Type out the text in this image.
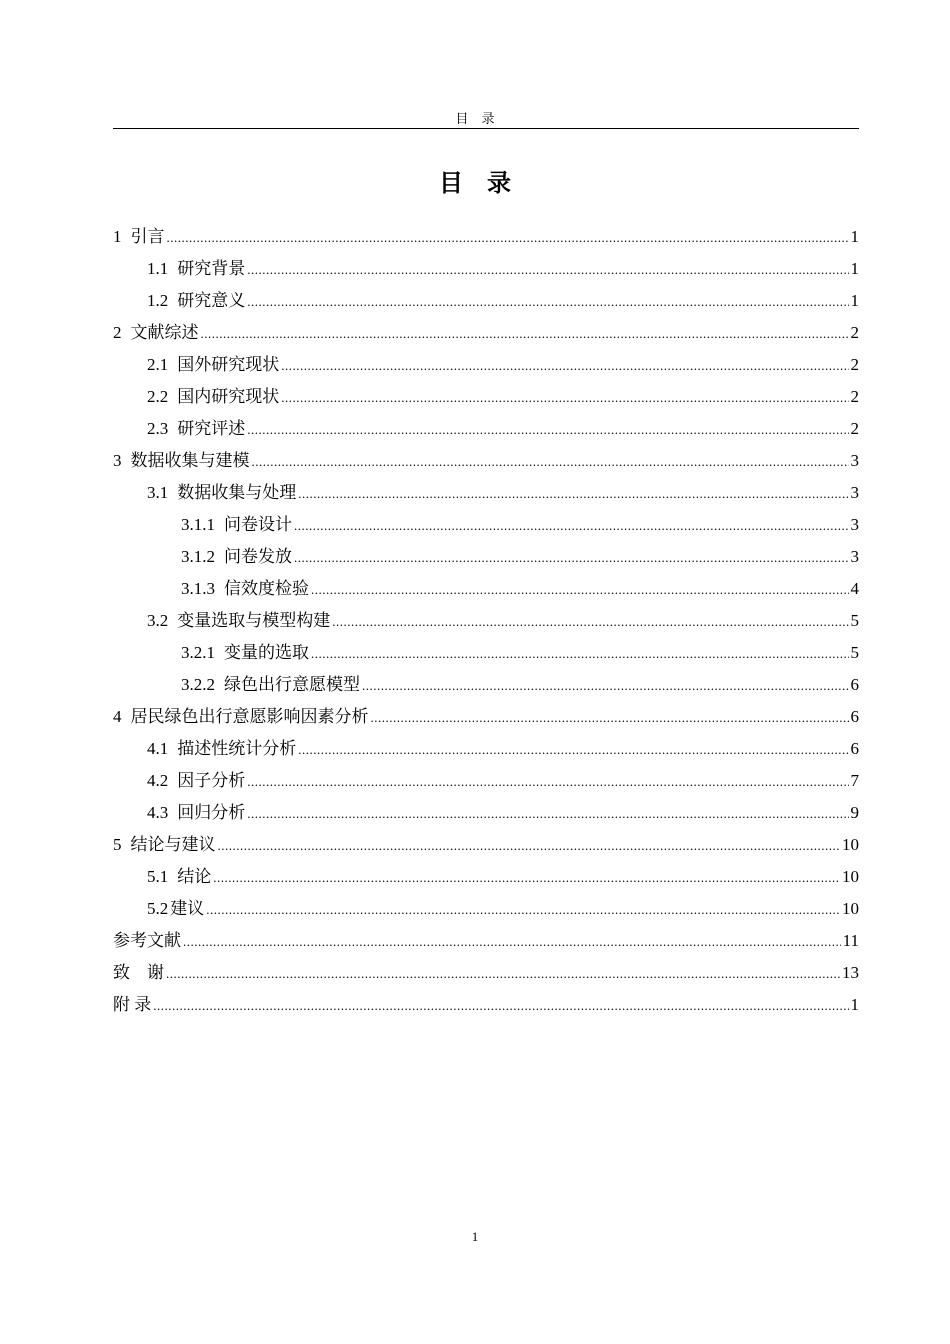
目　录
目　录
1 引言 .....	1
1.1 研究背景 .....	1
1.2 研究意义 .....	1
2 文献综述 .....	2
2.1 国外研究现状 .....	2
2.2 国内研究现状 .....	2
2.3 研究评述 .....	2
3 数据收集与建模 .....	3
3.1 数据收集与处理 .....	3
3.1.1 问卷设计 .....	3
3.1.2 问卷发放 .....	3
3.1.3 信效度检验 .....	4
3.2 变量选取与模型构建 .....	5
3.2.1 变量的选取 .....	5
3.2.2 绿色出行意愿模型 .....	6
4 居民绿色出行意愿影响因素分析 .....	6
4.1 描述性统计分析 .....	6
4.2 因子分析 .....	7
4.3 回归分析 .....	9
5 结论与建议 .....	10
5.1 结论 .....	10
5.2 建议 .....	10
参考文献 .....	11
致　谢 .....	13
附 录 .....	1
1
